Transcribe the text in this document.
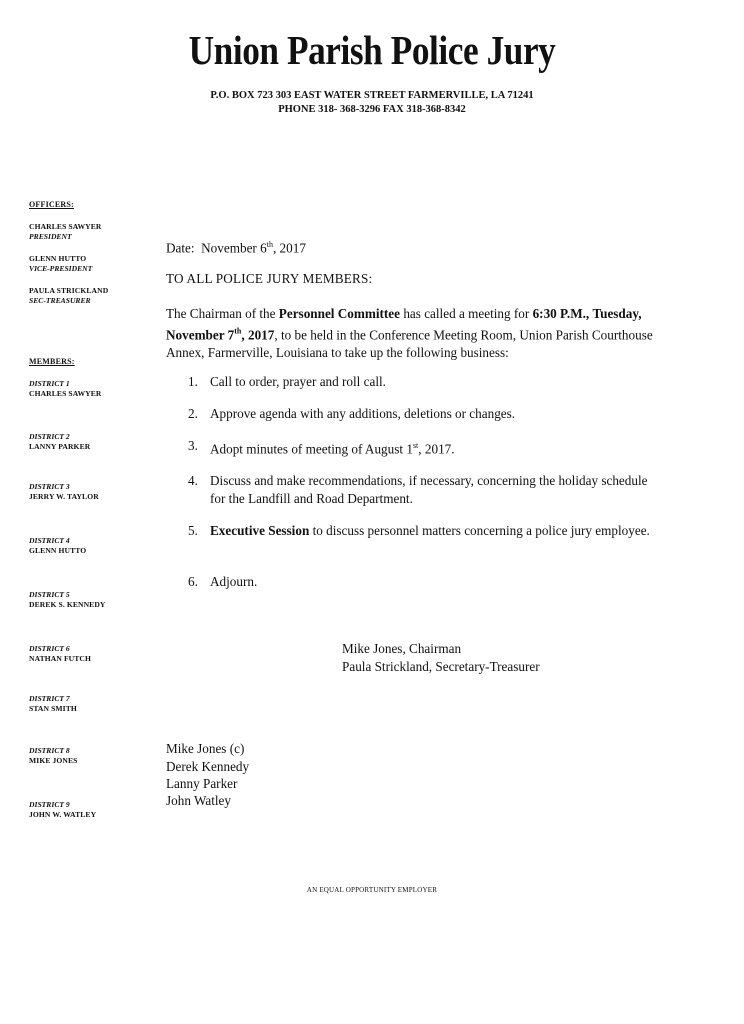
Union Parish Police Jury
P.O. BOX 723 303 EAST WATER STREET FARMERVILLE, LA 71241
PHONE 318- 368-3296 FAX 318-368-8342
OFFICERS:
CHARLES SAWYER
PRESIDENT
GLENN HUTTO
VICE-PRESIDENT
PAULA STRICKLAND
SEC-TREASURER
MEMBERS:
DISTRICT 1
CHARLES SAWYER
DISTRICT 2
LANNY PARKER
DISTRICT 3
JERRY W. TAYLOR
DISTRICT 4
GLENN HUTTO
DISTRICT 5
DEREK S. KENNEDY
DISTRICT 6
NATHAN FUTCH
DISTRICT 7
STAN SMITH
DISTRICT 8
MIKE JONES
DISTRICT 9
JOHN W. WATLEY
Date: November 6th, 2017
TO ALL POLICE JURY MEMBERS:
The Chairman of the Personnel Committee has called a meeting for 6:30 P.M., Tuesday, November 7th, 2017, to be held in the Conference Meeting Room, Union Parish Courthouse Annex, Farmerville, Louisiana to take up the following business:
1. Call to order, prayer and roll call.
2. Approve agenda with any additions, deletions or changes.
3. Adopt minutes of meeting of August 1st, 2017.
4. Discuss and make recommendations, if necessary, concerning the holiday schedule for the Landfill and Road Department.
5. Executive Session to discuss personnel matters concerning a police jury employee.
6. Adjourn.
Mike Jones, Chairman
Paula Strickland, Secretary-Treasurer
Mike Jones (c)
Derek Kennedy
Lanny Parker
John Watley
AN EQUAL OPPORTUNITY EMPLOYER
